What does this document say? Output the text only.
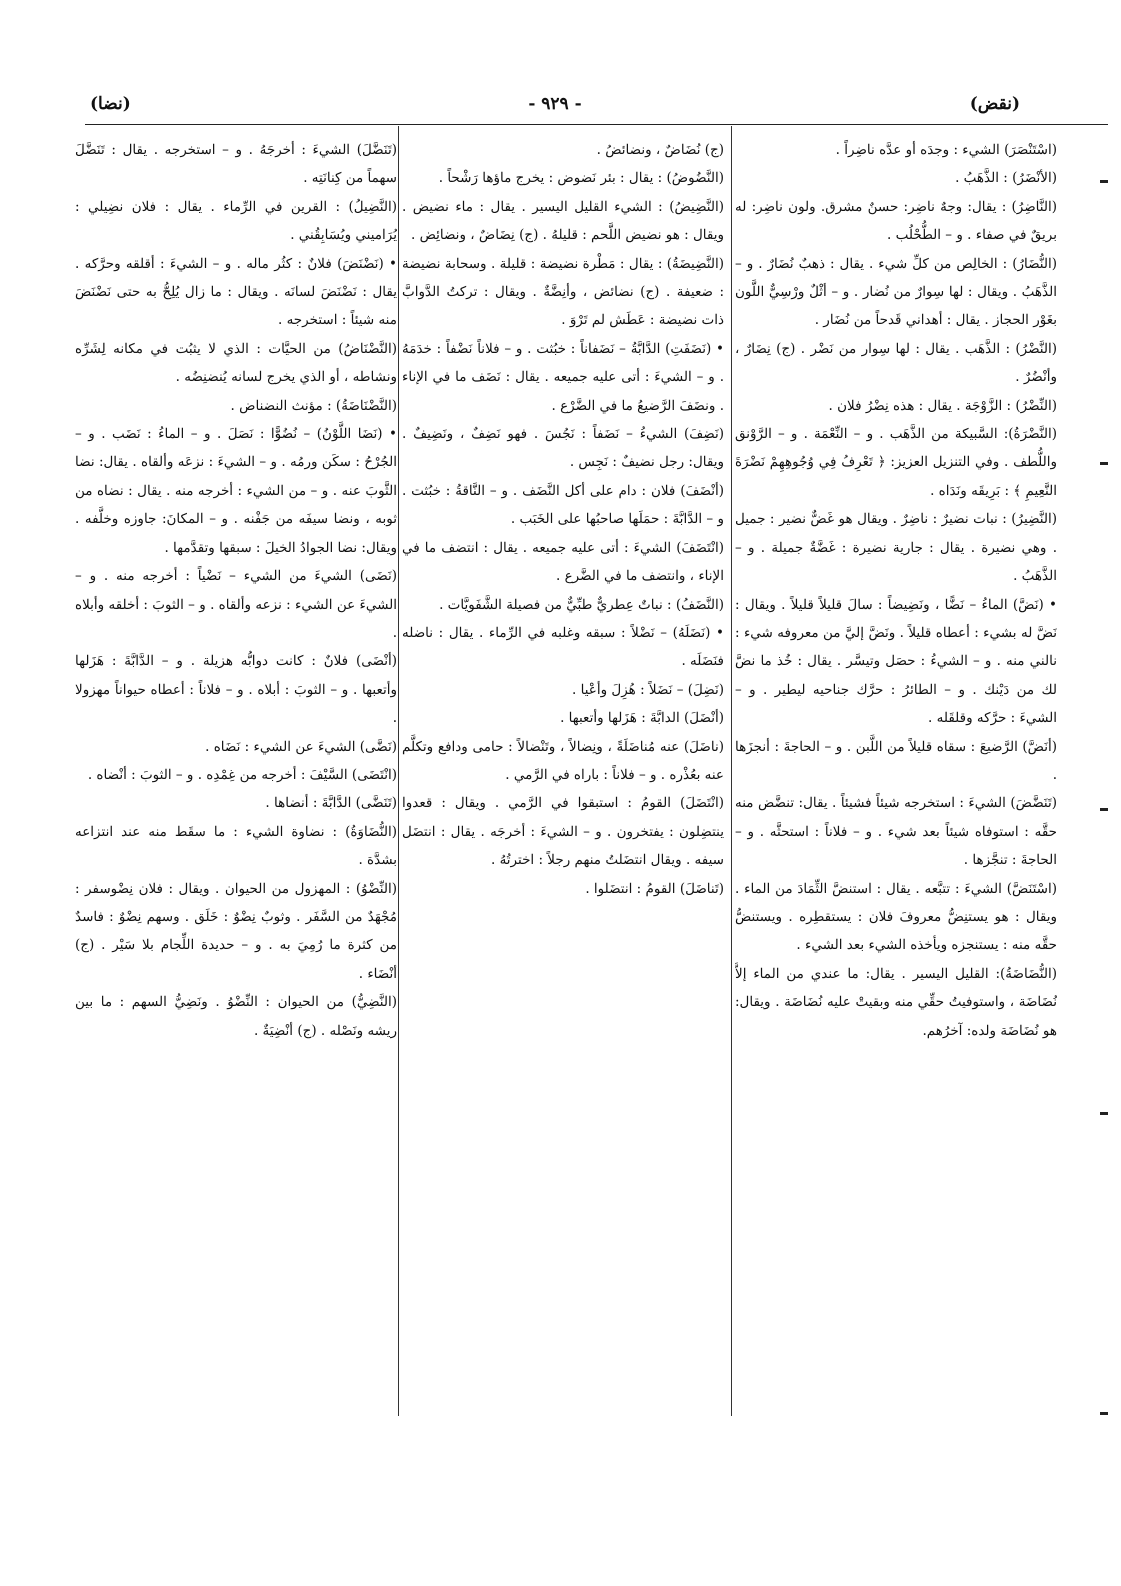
(نقض)
- ٩٢٩ -
(نضا)

(اسْتَنْصَرَ) الشيء : وجدَه أو عدَّه ناضِراً .

(الأنْضَرُ) : الذَّهَبُ .

(النَّاضِرُ) : يقال: وجهٌ ناضِر: حسنٌ مشرق. ولون ناضِر: له بريقٌ في صفاء . و – الطُّحْلُب .

(النُّضَارُ) : الخالِص من كلِّ شيء . يقال : ذهبٌ نُضَارٌ . و – الذَّهَبُ . ويقال : لها سِوارٌ من نُضار . و – أثْلٌ ورْسِيٌّ اللَّون بغَوْر الحجاز . يقال : أهداني قَدحاً من نُضَار .

(النَّضْرُ) : الذَّهَب . يقال : لها سِوار من نَضْر . (ج) نِضَارٌ ، وأنْضُرٌ .

(النِّضْرُ) : الزَّوْجَة . يقال : هذه نِضْرُ فلان .

(النَّضْرَةُ): السَّبيكة من الذَّهَب . و – النِّعْمَة . و – الرَّوْنق واللُّطف . وفي التنزيل العزيز: ﴿ تَعْرِفُ فِي وُجُوهِهِمْ نَضْرَةَ النَّعِيمِ ﴾ : بَرِيقَه ونَدَاه .

(النَّضِيرُ) : نبات نضيرٌ : ناضِرٌ . ويقال هو غَضٌّ نضير : جميل . وهي نضيرة . يقال : جارية نضيرة : غَضَّةٌ جميلة . و – الذَّهَبُ .

• (نَضَّ) الماءُ – نَضًّا ، ونَضِيضاً : سالَ قليلاً قليلاً . ويقال : نَضَّ له بشيء : أعطاه قليلاً . ونَضَّ إليَّ من معروفه شيء : نالني منه . و – الشيءُ : حصَل وتيسَّر . يقال : خُذ ما نضَّ لك من دَيْنك . و – الطائرُ : حرَّك جناحيه ليطير . و – الشيءَ : حرَّكه وقلقَله .

(أنَضَّ) الرَّضيعَ : سقاه قليلاً من اللَّبن . و – الحاجةَ : أنجزَها .

(تَنَضَّضَ) الشيءَ : استخرجه شيئاً فشيئاً . يقال: تنضَّض منه حقَّه : استوفاه شيئاً بعد شيء . و – فلاناً : استحثَّه . و – الحاجةَ : تنجَّزها .

(اسْتَنَضَّ) الشيءَ : تتبَّعه . يقال : استنضَّ الثِّمَادَ من الماء . ويقال : هو يستنِضُّ معروفَ فلان : يستقطِره . ويستنضُّ حقَّه منه : يستنجزه ويأخذه الشيء بعد الشيء .

(النُّضَاضَةُ): القليل اليسير . يقال: ما عندي من الماء إلاَّ نُضَاضَة ، واستوفيتُ حقِّي منه وبقيتْ عليه نُضَاضَة . ويقال: هو نُضَاضَة ولده: آخرُهم.

(ج) نُضَاضٌ ، ونضائضُ .

(النَّضُوضُ) : يقال : بئر نَضوض : يخرج ماؤها رَشْحاً .

(النَّضِيضُ) : الشيء القليل اليسير . يقال : ماء نضيض . ويقال : هو نضيض اللَّحم : قليلهُ . (ج) نِضَاضٌ ، ونضائِض .

(النَّضِيضَةُ) : يقال : مَطْرة نضيضة : قليلة . وسحابة نضيضة : ضعيفة . (ج) نضائض ، وأنِضَّةٌ . ويقال : تركتُ الدَّوابَّ ذات نضيضة : عَطَش لم تَرْوَ .

• (نَضَفَتِ) الدَّابَّةُ – نَضَفاناً : خبُثت . و – فلاناً نَضْفاً : خدَمَهُ . و – الشيءَ : أتى عليه جميعه . يقال : نَضَف ما في الإناء . ونضَفَ الرَّضيعُ ما في الضَّرْع .

(نَضِفَ) الشيءُ – نَضَفاً : نَجُسَ . فهو نَضِفٌ ، ونَضِيفٌ . ويقال: رجل نضيفٌ : نَجِس .

(أنْضَفَ) فلان : دام على أكل النَّضَف . و – النَّاقةُ : خبُثت . و – الدَّابَّةَ : حمَلَها صاحبُها على الخَبَب .

(انْتَضَفَ) الشيءَ : أتى عليه جميعه . يقال : انتضف ما في الإناء ، وانتضف ما في الضَّرع .

(النَّضَفُ) : نباتٌ عِطريٌّ طبِّيٌّ من فصيلة الشَّفَويَّات .

• (نَضَلَهُ) – نَضْلاً : سبقه وغلبه في الرِّماء . يقال : ناضله فنَضَلَه .

(نَضِلَ) – نَضَلاً : هُزِلَ وأعْيا .

(أنْضَلَ) الدابَّةَ : هَزَلها وأتعبها .

(ناضَلَ) عنه مُناضَلَةً ، ونِضالاً ، وتَنْضالاً : حامى ودافع وتكلَّم عنه بعُذْره . و – فلاناً : باراه في الرَّمي .

(انْتَضَلَ) القومُ : استبقوا في الرَّمي . ويقال : قعدوا ينتضِلون : يفتخرون . و – الشيءَ : أخرجَه . يقال : انتضَل سيفه . ويقال انتضَلتُ منهم رجلاً : اخترتُهُ .

(تَناضَلَ) القومُ : انتضَلوا .

(تَنَضَّلَ) الشيءَ : أخرجَهُ . و – استخرجه . يقال : تَنَضَّلَ سهماً من كِنانَتِه .

(النَّضِيلُ) : القرين في الرِّماء . يقال : فلان نضِيلي : يُرَاميني ويُسَابِقُني .

• (نَضْنَضَ) فلانٌ : كثُر ماله . و – الشيءَ : أقلقه وحرَّكه . يقال : نَضْنَضَ لسانَه . ويقال : ما زال يُلِحُّ به حتى نَضْنَضَ منه شيئاً : استخرجه .

(النَّضْنَاضُ) من الحيَّات : الذي لا يثبُت في مكانه لِشَرِّه ونشاطه ، أو الذي يخرج لسانه يُنضنِضُه .

(النَّضْنَاضَةُ) : مؤنث النضناض .

• (نَضَا اللَّوْنُ) – نُضُوًّا : نَصَلَ . و – الماءُ : نَضَب . و – الجُرْحُ : سكَن ورمُه . و – الشيءَ : نزعَه وألقاه . يقال: نضا الثَّوبَ عنه . و – من الشيء : أخرجه منه . يقال : نضاه من ثوبه ، ونضا سيفَه من جَفْنه . و – المكانَ: جاوزه وخلَّفه . ويقال: نضا الجوادُ الخيلَ : سبقها وتقدَّمها .

(نَضَى) الشيءَ من الشيء – نَضْياً : أخرجه منه . و – الشيءَ عن الشيء : نزعه وألقاه . و – الثوبَ : أخلقه وأبلاه .

(أنْضَى) فلانٌ : كانت دوابُّه هزيلة . و – الدَّابَّةَ : هَزَلها وأتعبها . و – الثوبَ : أبلاه . و – فلاناً : أعطاه حيواناً مهزولا .

(نَضَّى) الشيءَ عن الشيء : نَضَاه .

(انْتَضَى) السَّيْفَ : أخرجه من غِمْدِه . و – الثوبَ : أنْضاه .

(تَنَضَّى) الدَّابَّةَ : أنضاها .

(النُّضَاوَةُ) : نضاوة الشيء : ما سقَط منه عند انتزاعه بشدَّة .

(النِّضْوُ) : المهزول من الحيوان . ويقال : فلان نِضْوسفر : مُجْهَدٌ من السَّفَر . وثوبٌ نِضْوٌ : خَلَق . وسهم نِضْوٌ : فاسدٌ من كثرة ما رُمِيَ به . و – حديدة اللِّجام بلا سَيْر . (ج) أنْضَاء .

(النَّضِيُّ) من الحيوان : النِّضْوُ . ونَضِيُّ السهم : ما بين ريشه ونَصْله . (ج) أنْضِيَةٌ .
